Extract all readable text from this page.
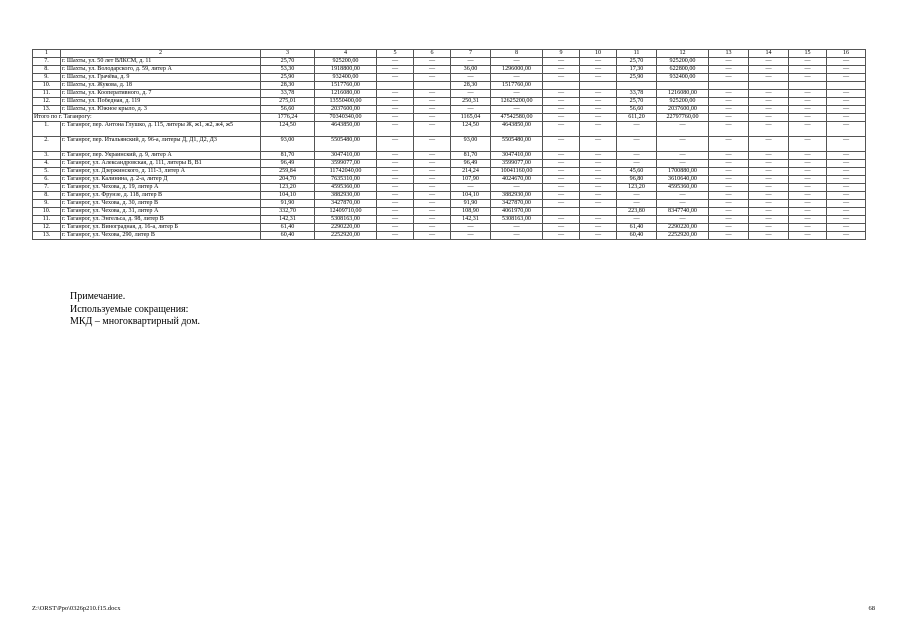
1	2	3	4	5	6	7	8	9	10	11	12	13	14	15	16
7.	г. Шахты, ул. 50 лет ВЛКСМ, д. 11	25,70	925200,00	—	—	—	—	—	—	25,70	925200,00	—	—	—	—
8.	г. Шахты, ул. Володарского, д. 59, литер А	53,30	1918800,00	—	—	36,00	1296000,00	—	—	17,30	622800,00	—	—	—	—
9.	г. Шахты, ул. Грачёва, д. 9	25,90	932400,00	—	—	—	—	—	—	25,90	932400,00	—	—	—	—
10.	г. Шахты, ул. Жукова, д. 18	28,30	1517760,00			28,30	1517760,00								
11.	г. Шахты, ул. Кооперативного, д. 7	33,78	1216080,00	—	—	—	—	—	—	33,78	1216080,00	—	—	—	—
12.	г. Шахты, ул. Победная, д. 119	275,01	13550400,00	—	—	250,31	12625200,00	—	—	25,70	925200,00	—	—	—	—
13.	г. Шахты, ул. Южное крыло, д. 3	56,60	2037600,00	—	—	—	—	—	—	56,60	2037600,00	—	—	—	—
Итого по г. Таганрогу:		1776,24	70340340,00	—	—	1165,04	47542580,00	—	—	611,20	22797760,00	—	—	—	—
1.	г. Таганрог, пер. Антона Глушко, д. 115, литеры Ж, ж1, ж2, ж4, ж5	124,50	4643850,00	—	—	124,50	4643850,00	—	—	—	—	—	—	—	—
2.	г. Таганрог, пер. Итальянский, д. 96-а, литеры Д, Д1, Д2, Д3	93,00	5505480,00	—	—	93,00	5505480,00	—	—	—	—	—	—	—	—
3.	г. Таганрог, пер. Украинский, д. 9, литер А	81,70	3047410,00	—	—	81,70	3047410,00	—	—	—	—	—	—	—	—
4.	г. Таганрог, ул. Александровская, д. 111, литеры В, В1	96,49	3599077,00	—	—	96,49	3599077,00	—	—	—	—	—	—	—	—
5.	г. Таганрог, ул. Дзержинского, д. 111-3, литер А	259,84	11742040,00	—	—	214,24	10041160,00	—	—	45,60	1700880,00	—	—	—	—
6.	г. Таганрог, ул. Калинина, д. 2-а, литер Д	204,70	7635310,00	—	—	107,90	4024670,00	—	—	96,80	3610640,00	—	—	—	—
7.	г. Таганрог, ул. Чехова, д. 19, литер А	123,20	4595360,00	—	—	—	—	—	—	123,20	4595360,00	—	—	—	—
8.	г. Таганрог, ул. Фрунзе, д. 118, литер В	104,10	3882930,00	—	—	104,10	3882930,00	—	—	—	—	—	—	—	—
9.	г. Таганрог, ул. Чехова, д. 30, литер В	91,90	3427870,00	—	—	91,90	3427870,00	—	—	—	—	—	—	—	—
10.	г. Таганрог, ул. Чехова, д. 31, литер А	332,70	12409710,00	—	—	108,90	4061970,00			223,80	8347740,00	—	—	—	—
11.	г. Таганрог, ул. Энгельса, д. 98, литер В	142,31	5308163,00	—	—	142,31	5308163,00	—	—	—	—	—	—	—	—
12.	г. Таганрог, ул. Виноградная, д. 16-а, литер Б	61,40	2290220,00	—	—	—	—	—	—	61,40	2290220,00	—	—	—	—
13.	г. Таганрог, ул. Чехова, 290, литер В	60,40	2252920,00	—	—	—	—	—	—	60,40	2252920,00	—	—	—	—
Примечание.
Используемые сокращения:
МКД – многоквартирный дом.
Z:\ORST\Ppo\0326p210.f15.docx	68
